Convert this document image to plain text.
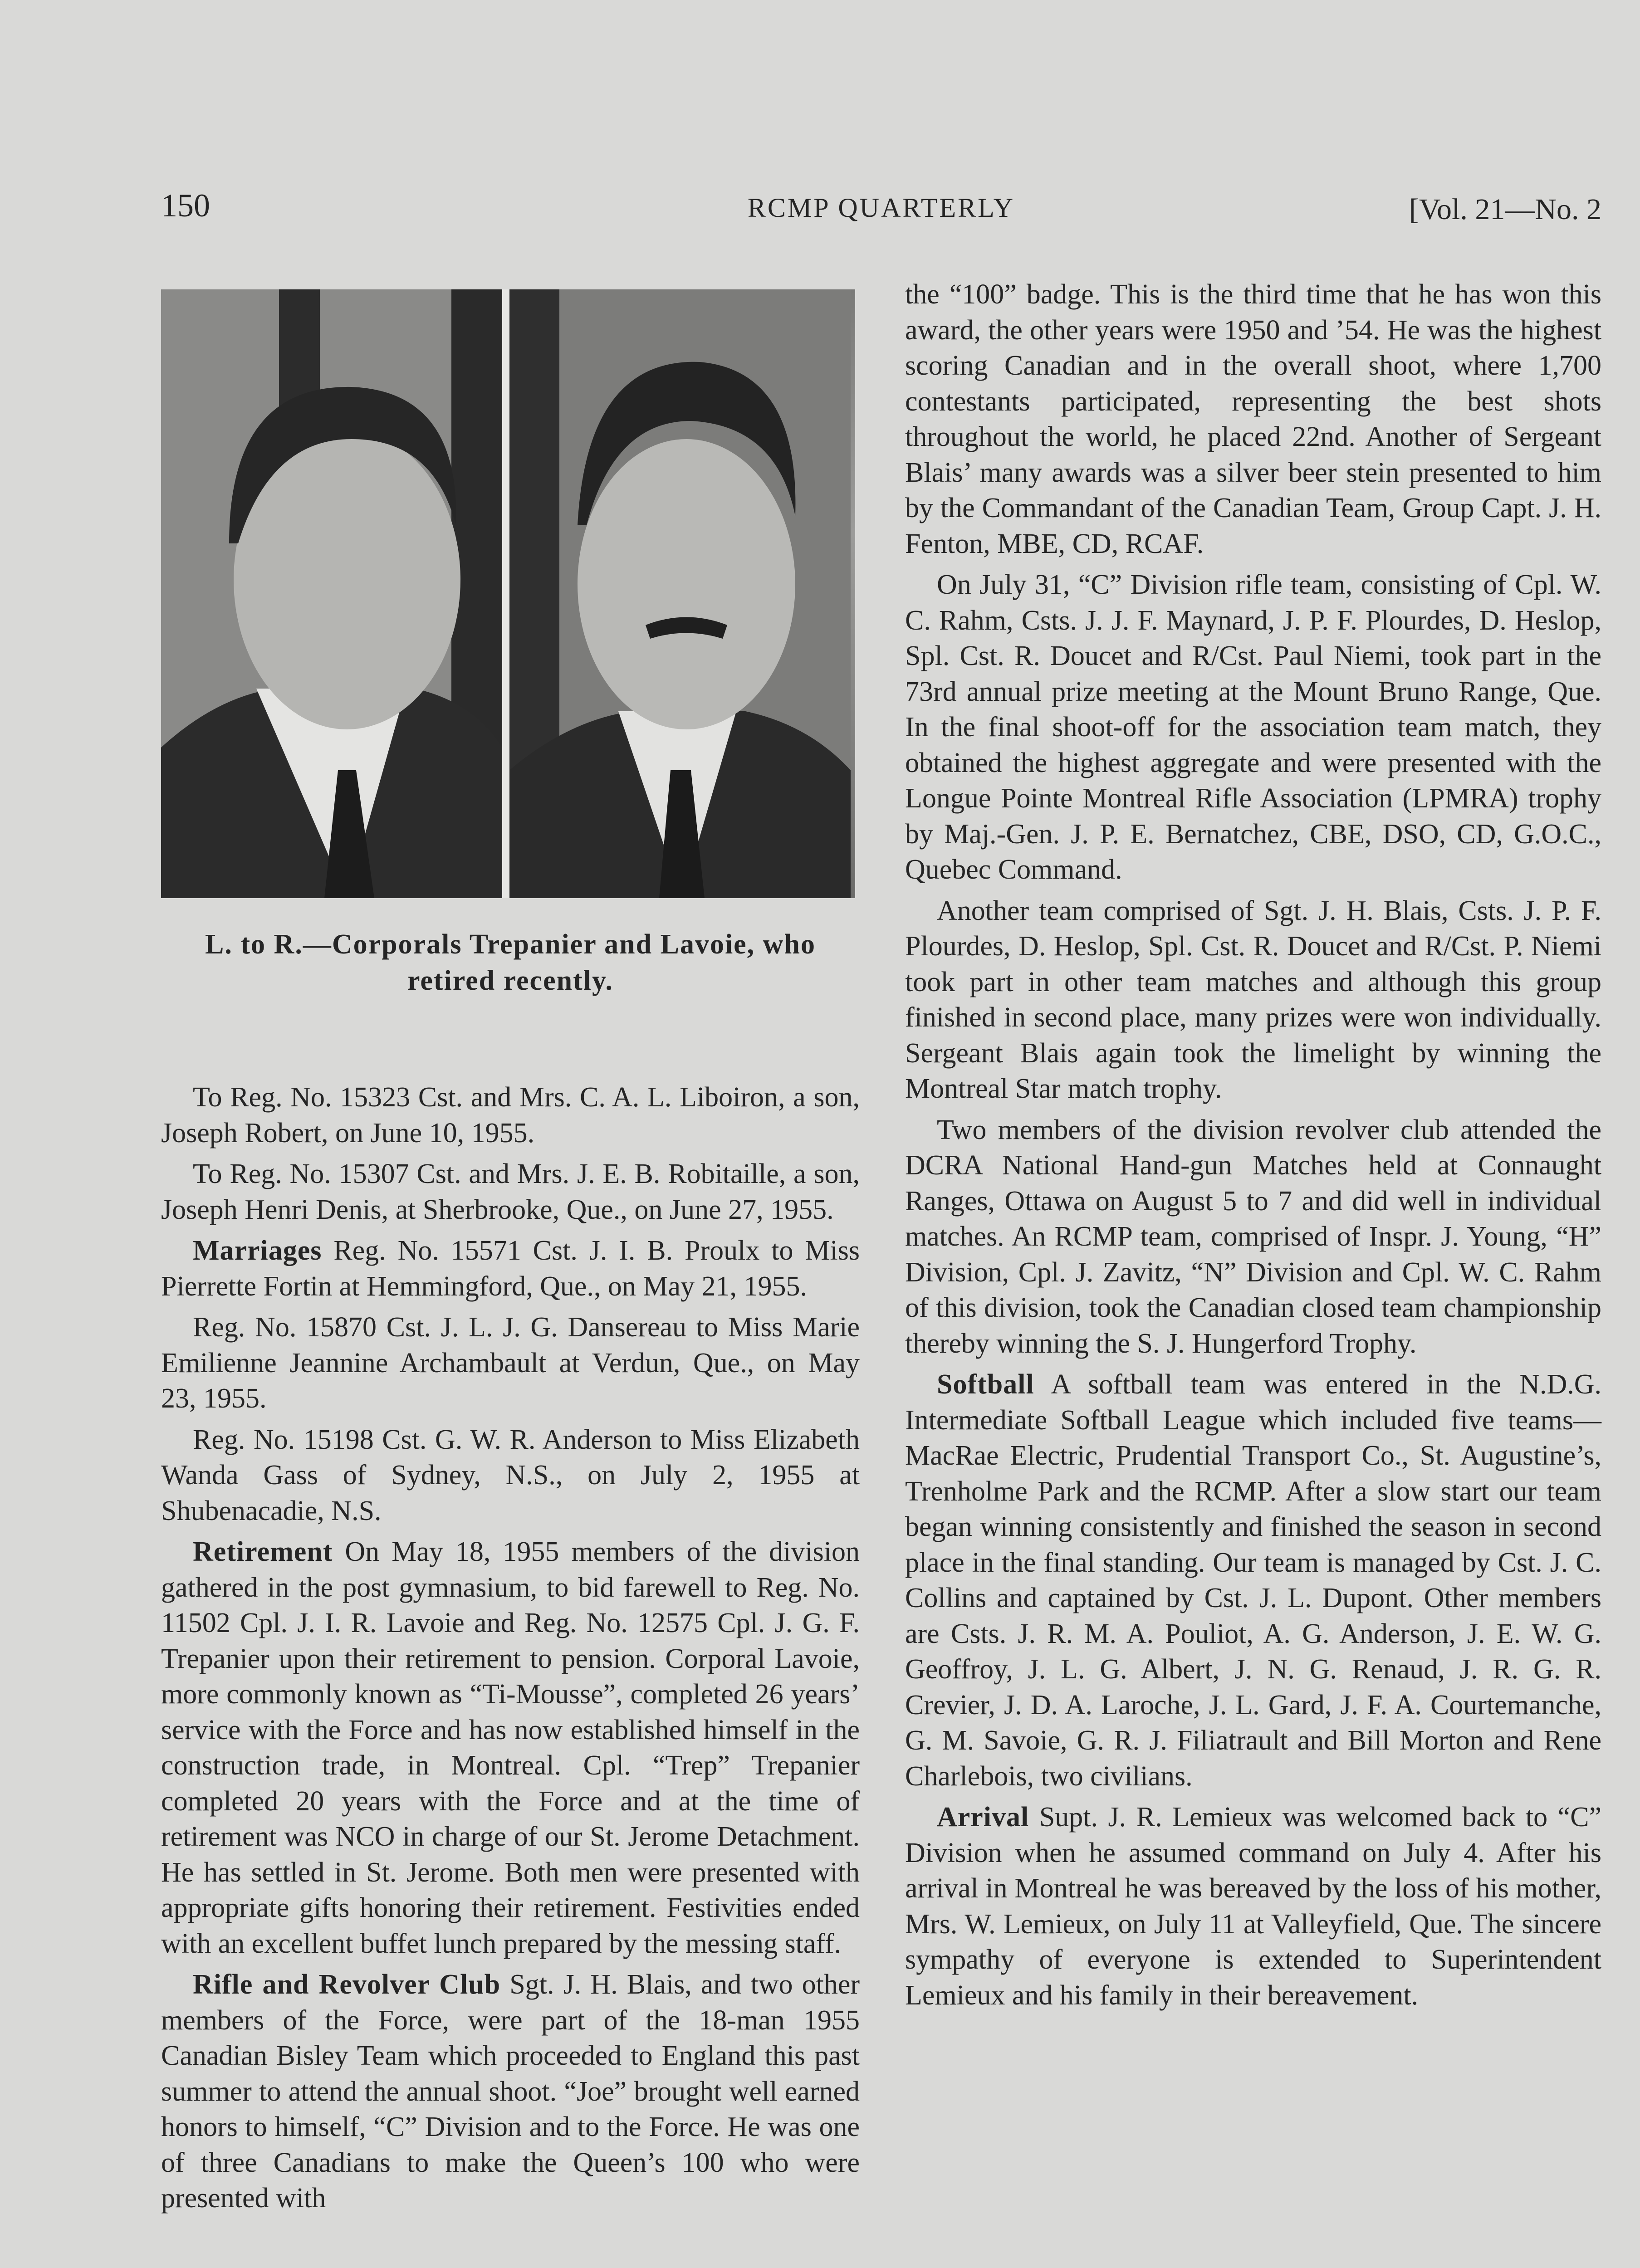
150	RCMP QUARTERLY	[Vol. 21—No. 2
L. to R.—Corporals Trepanier and Lavoie, who retired recently.

To Reg. No. 15323 Cst. and Mrs. C. A. L. Liboiron, a son, Joseph Robert, on June 10, 1955.

To Reg. No. 15307 Cst. and Mrs. J. E. B. Robitaille, a son, Joseph Henri Denis, at Sherbrooke, Que., on June 27, 1955.

Marriages Reg. No. 15571 Cst. J. I. B. Proulx to Miss Pierrette Fortin at Hemmingford, Que., on May 21, 1955.

Reg. No. 15870 Cst. J. L. J. G. Dansereau to Miss Marie Emilienne Jeannine Archambault at Verdun, Que., on May 23, 1955.

Reg. No. 15198 Cst. G. W. R. Anderson to Miss Elizabeth Wanda Gass of Sydney, N.S., on July 2, 1955 at Shubenacadie, N.S.

Retirement On May 18, 1955 members of the division gathered in the post gymnasium, to bid farewell to Reg. No. 11502 Cpl. J. I. R. Lavoie and Reg. No. 12575 Cpl. J. G. F. Trepanier upon their retirement to pension. Corporal Lavoie, more commonly known as “Ti-Mousse”, completed 26 years’ service with the Force and has now established himself in the construction trade, in Montreal. Cpl. “Trep” Trepanier completed 20 years with the Force and at the time of retirement was NCO in charge of our St. Jerome Detachment. He has settled in St. Jerome. Both men were presented with appropriate gifts honoring their retirement. Festivities ended with an excellent buffet lunch prepared by the messing staff.

Rifle and Revolver Club Sgt. J. H. Blais, and two other members of the Force, were part of the 18-man 1955 Canadian Bisley Team which proceeded to England this past summer to attend the annual shoot. “Joe” brought well earned honors to himself, “C” Division and to the Force. He was one of three Canadians to make the Queen’s 100 who were presented with

the “100” badge. This is the third time that he has won this award, the other years were 1950 and ’54. He was the highest scoring Canadian and in the overall shoot, where 1,700 contestants participated, representing the best shots throughout the world, he placed 22nd. Another of Sergeant Blais’ many awards was a silver beer stein presented to him by the Commandant of the Canadian Team, Group Capt. J. H. Fenton, MBE, CD, RCAF.

On July 31, “C” Division rifle team, consisting of Cpl. W. C. Rahm, Csts. J. J. F. Maynard, J. P. F. Plourdes, D. Heslop, Spl. Cst. R. Doucet and R/Cst. Paul Niemi, took part in the 73rd annual prize meeting at the Mount Bruno Range, Que. In the final shoot-off for the association team match, they obtained the highest aggregate and were presented with the Longue Pointe Montreal Rifle Association (LPMRA) trophy by Maj.-Gen. J. P. E. Bernatchez, CBE, DSO, CD, G.O.C., Quebec Command.

Another team comprised of Sgt. J. H. Blais, Csts. J. P. F. Plourdes, D. Heslop, Spl. Cst. R. Doucet and R/Cst. P. Niemi took part in other team matches and although this group finished in second place, many prizes were won individually. Sergeant Blais again took the limelight by winning the Montreal Star match trophy.

Two members of the division revolver club attended the DCRA National Hand-gun Matches held at Connaught Ranges, Ottawa on August 5 to 7 and did well in individual matches. An RCMP team, comprised of Inspr. J. Young, “H” Division, Cpl. J. Zavitz, “N” Division and Cpl. W. C. Rahm of this division, took the Canadian closed team championship thereby winning the S. J. Hungerford Trophy.

Softball A softball team was entered in the N.D.G. Intermediate Softball League which included five teams—MacRae Electric, Prudential Transport Co., St. Augustine’s, Trenholme Park and the RCMP. After a slow start our team began winning consistently and finished the season in second place in the final standing. Our team is managed by Cst. J. C. Collins and captained by Cst. J. L. Dupont. Other members are Csts. J. R. M. A. Pouliot, A. G. Anderson, J. E. W. G. Geoffroy, J. L. G. Albert, J. N. G. Renaud, J. R. G. R. Crevier, J. D. A. Laroche, J. L. Gard, J. F. A. Courtemanche, G. M. Savoie, G. R. J. Filiatrault and Bill Morton and Rene Charlebois, two civilians.

Arrival Supt. J. R. Lemieux was welcomed back to “C” Division when he assumed command on July 4. After his arrival in Montreal he was bereaved by the loss of his mother, Mrs. W. Lemieux, on July 11 at Valleyfield, Que. The sincere sympathy of everyone is extended to Superintendent Lemieux and his family in their bereavement.
